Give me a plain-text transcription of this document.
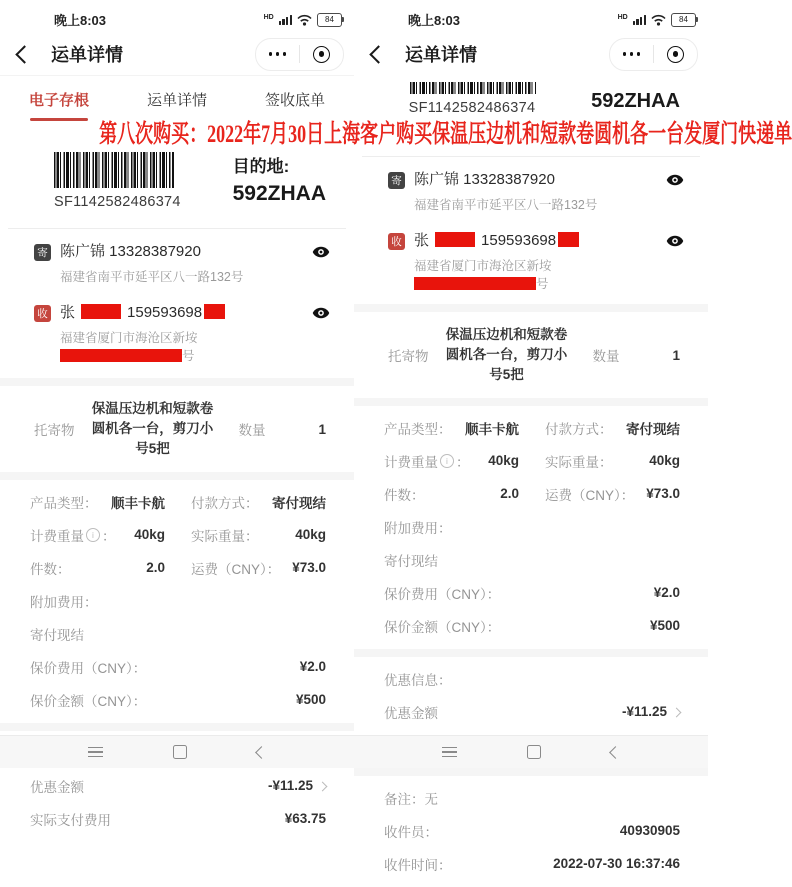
第八次购买：2022年7月30日上海客户购买保温压边机和短款卷圆机各一台发厦门快递单
晚上8:03	HD	84
运单详情
电子存根	运单详情	签收底单
SF1142582486374
目的地:
592ZHAA
寄 陈广锦 13328387920
福建省南平市延平区八一路132号
收 张	159593698
福建省厦门市海沧区新垵号
托寄物
保温压边机和短款卷圆机各一台，剪刀小号5把
数量	1
产品类型： 顺丰卡航 付款方式： 寄付现结
计费重量 i ： 40kg 实际重量：	40kg
件数：	2.0 运费（CNY）： ¥73.0
附加费用：
寄付现结
保价费用（CNY）：	¥2.0
保价金额（CNY）：	¥500
优惠金额	-¥11.25
实际支付费用	¥63.75
晚上8:03	HD	84
运单详情
SF1142582486374	592ZHAA
寄 陈广锦 13328387920
福建省南平市延平区八一路132号
收 张	159593698
福建省厦门市海沧区新垵号
托寄物
保温压边机和短款卷圆机各一台，剪刀小号5把
数量	1
产品类型： 顺丰卡航 付款方式： 寄付现结
计费重量 i ： 40kg 实际重量：	40kg
件数：	2.0 运费（CNY）： ¥73.0
附加费用：
寄付现结
保价费用（CNY）：	¥2.0
保价金额（CNY）：	¥500
优惠信息：
优惠金额	-¥11.25
备注：无
收件员：	40930905
收件时间：	2022-07-30 16:37:46
